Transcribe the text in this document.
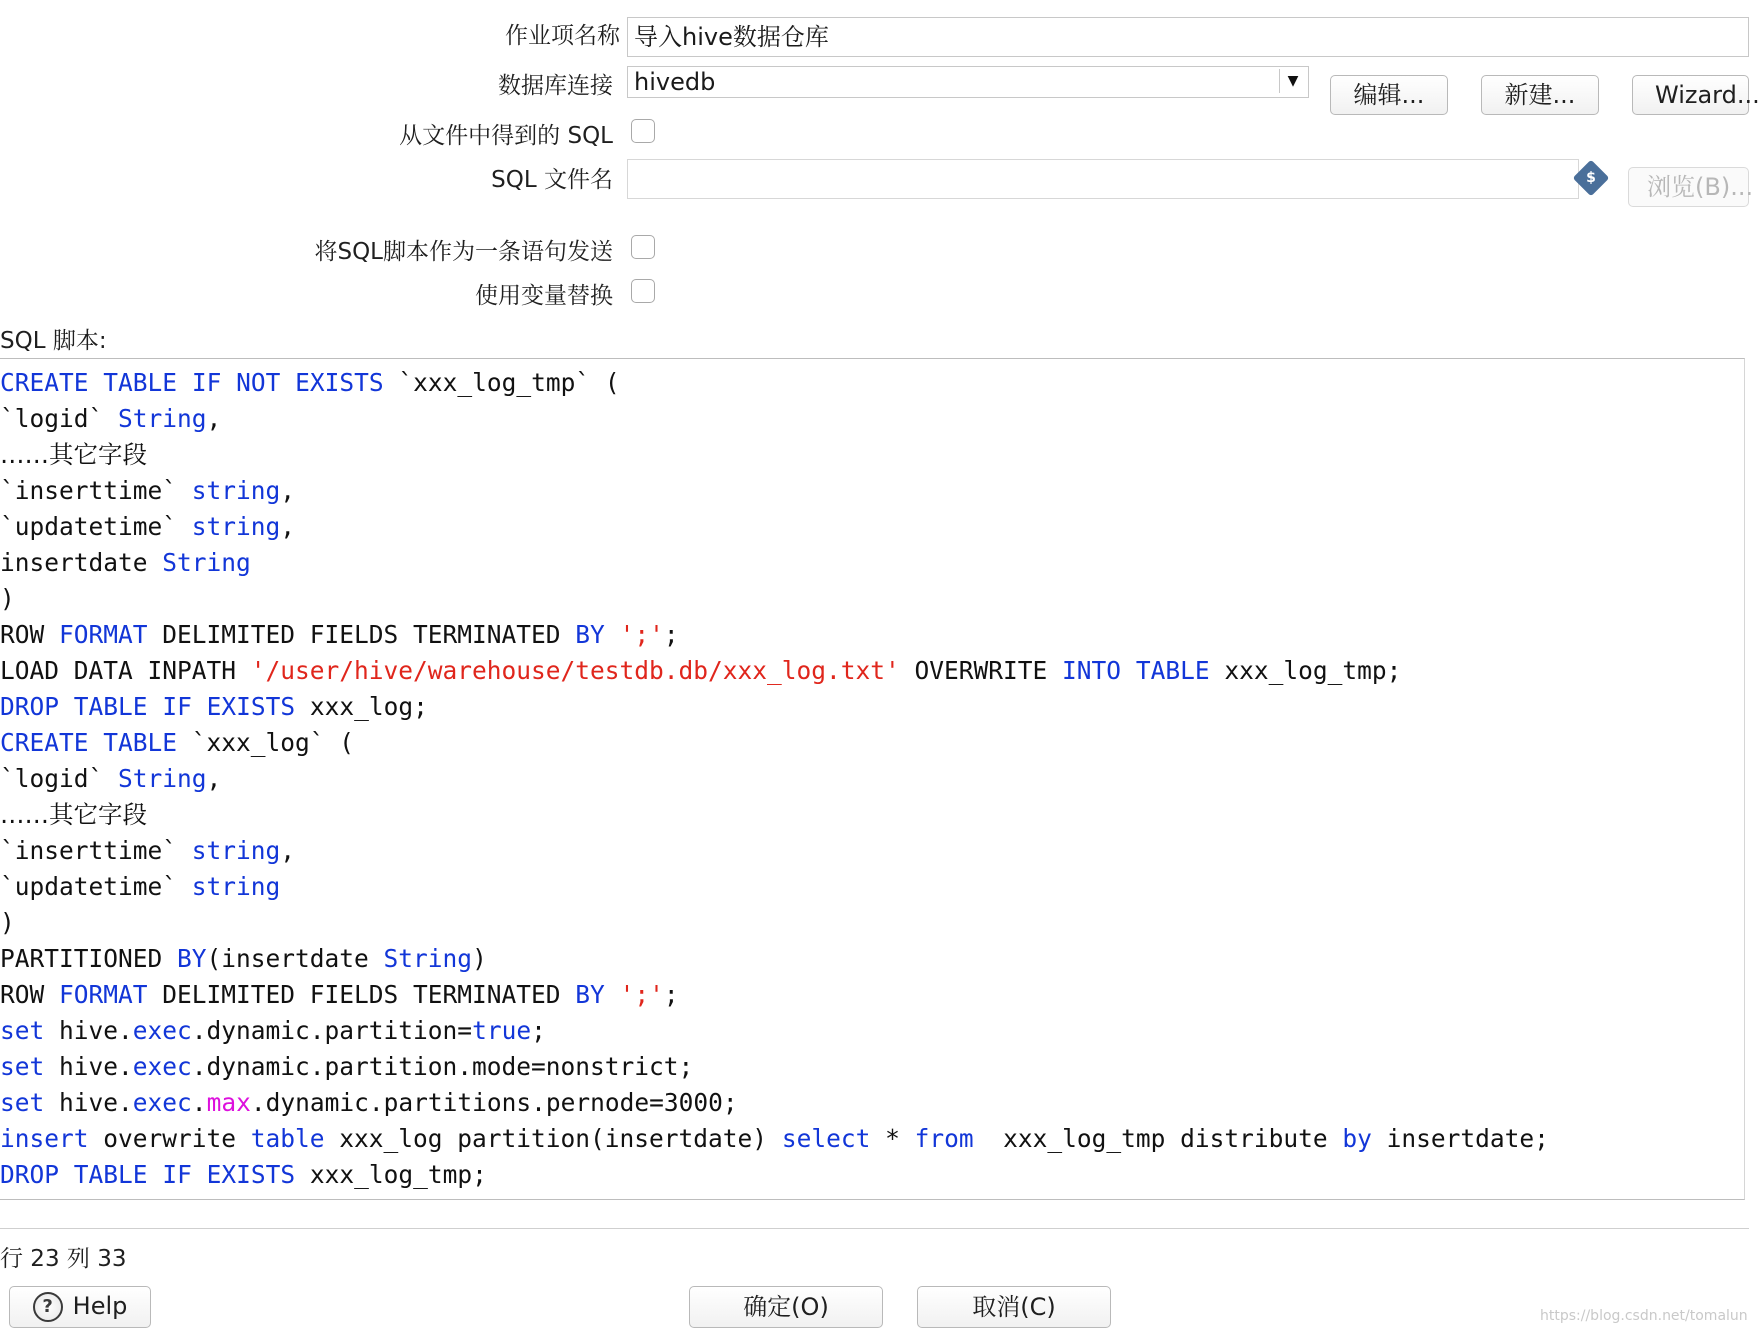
作业项名称 导入hive数据仓库
数据库连接 hivedb	▼	编辑...	新建...	Wizard...
从文件中得到的 SQL
SQL 文件名	$	浏览(B)...
将SQL脚本作为一条语句发送
使用变量替换
SQL 脚本:
CREATE TABLE IF NOT EXISTS `xxx_log_tmp` (
`logid` String,
……其它字段
`inserttime` string,
`updatetime` string,
insertdate String
)
ROW FORMAT DELIMITED FIELDS TERMINATED BY ';';
LOAD DATA INPATH '/user/hive/warehouse/testdb.db/xxx_log.txt' OVERWRITE INTO TABLE xxx_log_tmp;
DROP TABLE IF EXISTS xxx_log;
CREATE TABLE `xxx_log` (
`logid` String,
……其它字段
`inserttime` string,
`updatetime` string
)
PARTITIONED BY(insertdate String)
ROW FORMAT DELIMITED FIELDS TERMINATED BY ';';
set hive.exec.dynamic.partition=true;
set hive.exec.dynamic.partition.mode=nonstrict;
set hive.exec.max.dynamic.partitions.pernode=3000;
insert overwrite table xxx_log partition(insertdate) select * from  xxx_log_tmp distribute by insertdate;
DROP TABLE IF EXISTS xxx_log_tmp;
行 23 列 33
? Help	确定(O)	取消(C)	https://blog.csdn.net/tomalun
